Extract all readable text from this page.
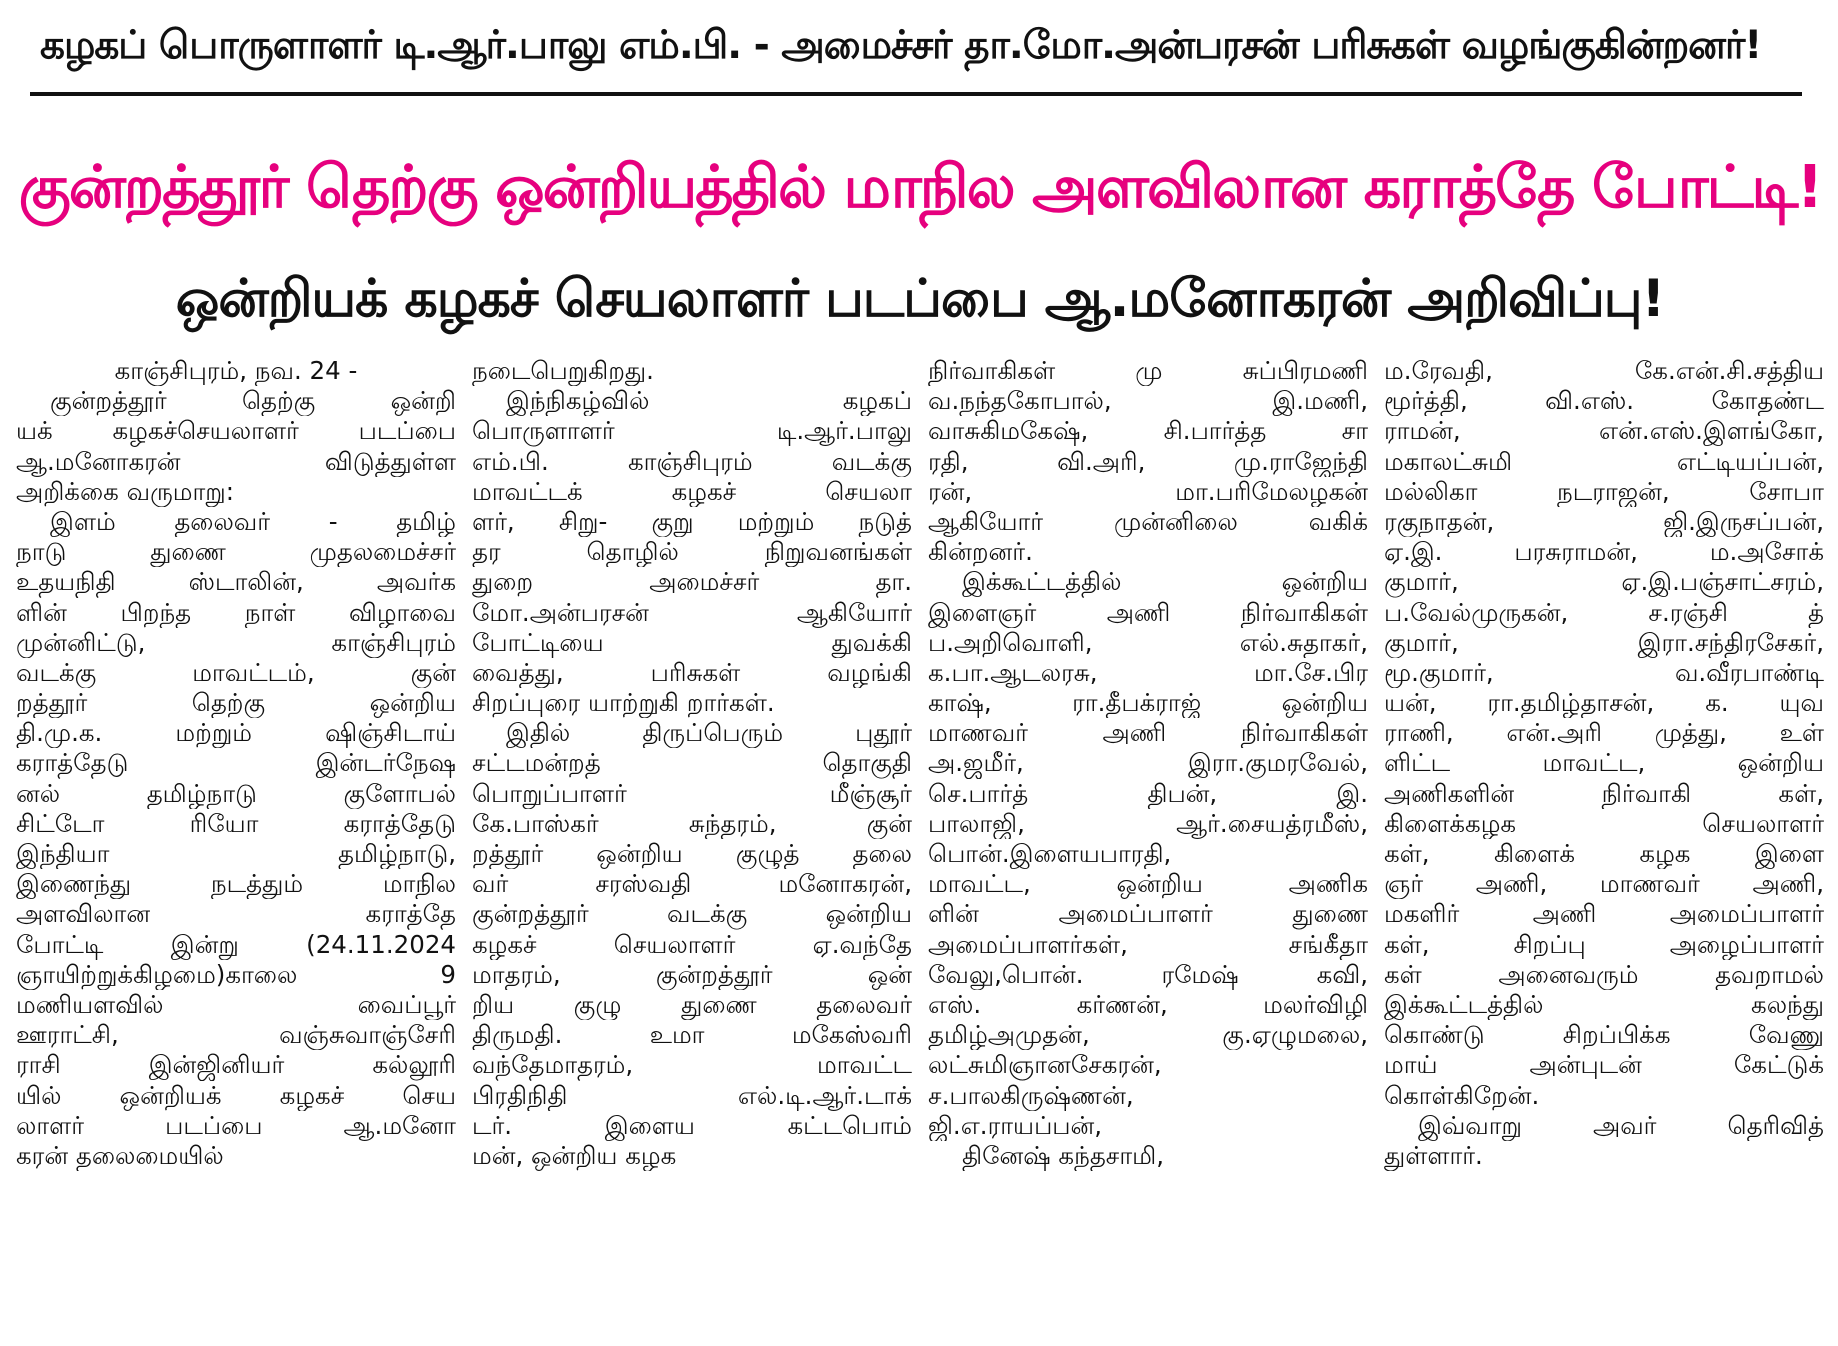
கழகப் பொருளாளர் டி.ஆர்.பாலு எம்.பி. - அமைச்சர் தா.மோ.அன்பரசன் பரிசுகள் வழங்குகின்றனர்!
குன்றத்தூர் தெற்கு ஒன்றியத்தில் மாநில அளவிலான கராத்தே போட்டி!
ஒன்றியக் கழகச் செயலாளர் படப்பை ஆ.மனோகரன் அறிவிப்பு!
காஞ்சிபுரம், நவ. 24 -
குன்றத்தூர் தெற்கு ஒன்றி
யக் கழகச்செயலாளர் படப்பை
ஆ.மனோகரன் விடுத்துள்ள
அறிக்கை வருமாறு:
இளம் தலைவர் - தமிழ்
நாடு துணை முதலமைச்சர்
உதயநிதி ஸ்டாலின், அவர்க
ளின் பிறந்த நாள் விழாவை
முன்னிட்டு, காஞ்சிபுரம்
வடக்கு மாவட்டம், குன்
றத்தூர் தெற்கு ஒன்றிய
தி.மு.க. மற்றும் ஷிஞ்சிடாய்
கராத்தேடு இன்டர்நேஷ
னல் தமிழ்நாடு குளோபல்
சிட்டோ ரியோ கராத்தேடு
இந்தியா தமிழ்நாடு,
இணைந்து நடத்தும் மாநில
அளவிலான கராத்தே
போட்டி இன்று (24.11.2024
ஞாயிற்றுக்கிழமை)காலை 9
மணியளவில் வைப்பூர்
ஊராட்சி, வஞ்சுவாஞ்சேரி
ராசி இன்ஜினியர் கல்லூரி
யில் ஒன்றியக் கழகச் செய
லாளர் படப்பை ஆ.மனோ
கரன் தலைமையில்
நடைபெறுகிறது.
இந்நிகழ்வில் கழகப்
பொருளாளர் டி.ஆர்.பாலு
எம்.பி. காஞ்சிபுரம் வடக்கு
மாவட்டக் கழகச் செயலா
ளர், சிறு- குறு மற்றும் நடுத்
தர தொழில் நிறுவனங்கள்
துறை அமைச்சர் தா.
மோ.அன்பரசன் ஆகியோர்
போட்டியை துவக்கி
வைத்து, பரிசுகள் வழங்கி
சிறப்புரை யாற்றுகி றார்கள்.
இதில் திருப்பெரும் புதூர்
சட்டமன்றத் தொகுதி
பொறுப்பாளர் மீஞ்சூர்
கே.பாஸ்கர் சுந்தரம், குன்
றத்தூர் ஒன்றிய குழுத் தலை
வர் சரஸ்வதி மனோகரன்,
குன்றத்தூர் வடக்கு ஒன்றிய
கழகச் செயலாளர் ஏ.வந்தே
மாதரம், குன்றத்தூர் ஒன்
றிய குழு துணை தலைவர்
திருமதி. உமா மகேஸ்வரி
வந்தேமாதரம், மாவட்ட
பிரதிநிதி எல்.டி.ஆர்.டாக்
டர். இளைய கட்டபொம்
மன், ஒன்றிய கழக
நிர்வாகிகள் மு சுப்பிரமணி
வ.நந்தகோபால், இ.மணி,
வாசுகிமகேஷ், சி.பார்த்த சா
ரதி, வி.அரி, மு.ராஜேந்தி
ரன், மா.பரிமேலழகன்
ஆகியோர் முன்னிலை வகிக்
கின்றனர்.
இக்கூட்டத்தில் ஒன்றிய
இளைஞர் அணி நிர்வாகிகள்
ப.அறிவொளி, எல்.சுதாகர்,
க.பா.ஆடலரசு, மா.சே.பிர
காஷ், ரா.தீபக்ராஜ் ஒன்றிய
மாணவர் அணி நிர்வாகிகள்
அ.ஜமீர், இரா.குமரவேல்,
செ.பார்த் திபன், இ.
பாலாஜி, ஆர்.சையத்ரமீஸ்,
பொன்.இளையபாரதி,
மாவட்ட, ஒன்றிய அணிக
ளின் அமைப்பாளர் துணை
அமைப்பாளர்கள், சங்கீதா
வேலு,பொன். ரமேஷ் கவி,
எஸ். கர்ணன், மலர்விழி
தமிழ்அமுதன், கு.ஏழுமலை,
லட்சுமிஞானசேகரன்,
ச.பாலகிருஷ்ணன்,
ஜி.எ.ராயப்பன்,
தினேஷ் கந்தசாமி,
ம.ரேவதி, கே.என்.சி.சத்திய
மூர்த்தி, வி.எஸ். கோதண்ட
ராமன், என்.எஸ்.இளங்கோ,
மகாலட்சுமி எட்டியப்பன்,
மல்லிகா நடராஜன், சோபா
ரகுநாதன், ஜி.இருசப்பன்,
ஏ.இ. பரசுராமன், ம.அசோக்
குமார், ஏ.இ.பஞ்சாட்சரம்,
ப.வேல்முருகன், ச.ரஞ்சி த்
குமார், இரா.சந்திரசேகர்,
மூ.குமார், வ.வீரபாண்டி
யன், ரா.தமிழ்தாசன், க. யுவ
ராணி, என்.அரி முத்து, உள்
ளிட்ட மாவட்ட, ஒன்றிய
அணிகளின் நிர்வாகி கள்,
கிளைக்கழக செயலாளர்
கள், கிளைக் கழக இளை
ஞர் அணி, மாணவர் அணி,
மகளிர் அணி அமைப்பாளர்
கள், சிறப்பு அழைப்பாளர்
கள் அனைவரும் தவறாமல்
இக்கூட்டத்தில் கலந்து
கொண்டு சிறப்பிக்க வேணு
மாய் அன்புடன் கேட்டுக்
கொள்கிறேன்.
இவ்வாறு அவர் தெரிவித்
துள்ளார்.
